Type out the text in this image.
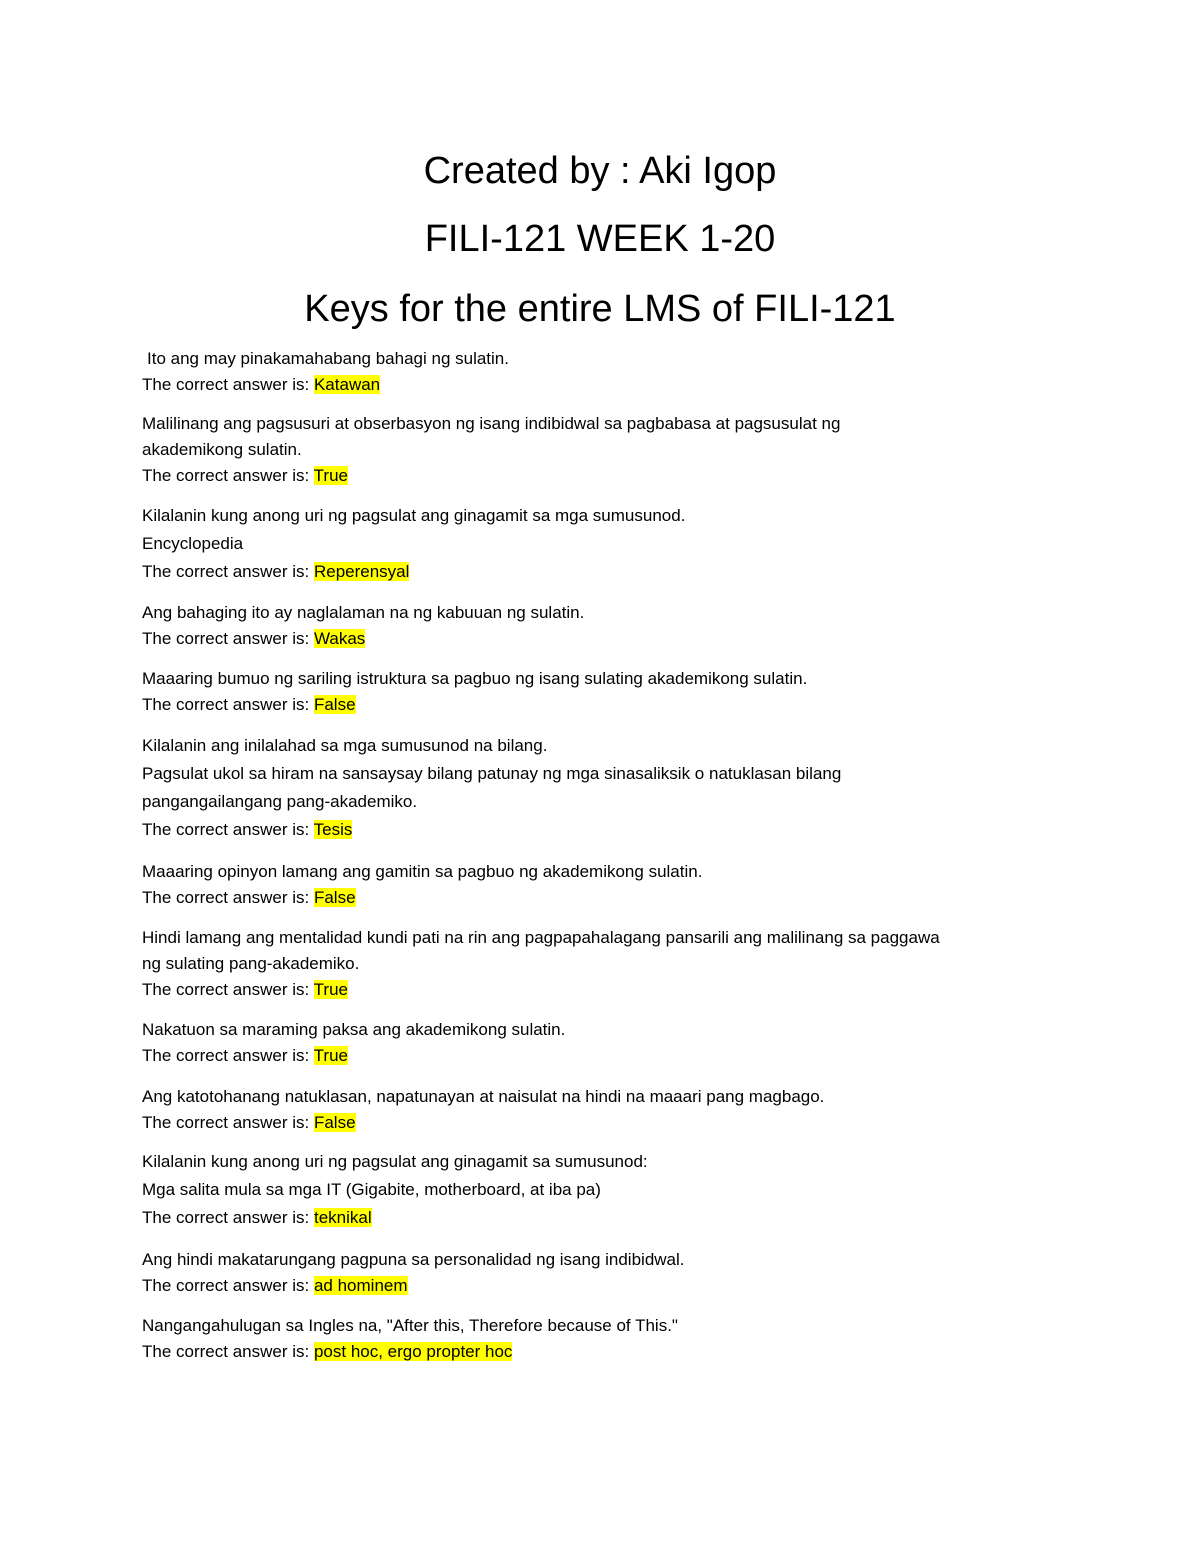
Created by : Aki Igop
FILI-121 WEEK 1-20
Keys for the entire LMS of FILI-121
Ito ang may pinakamahabang bahagi ng sulatin.
The correct answer is: Katawan
Malilinang ang pagsusuri at obserbasyon ng isang indibidwal sa pagbabasa at pagsusulat ng
akademikong sulatin.
The correct answer is: True
Kilalanin kung anong uri ng pagsulat ang ginagamit sa mga sumusunod.
Encyclopedia
The correct answer is: Reperensyal
Ang bahaging ito ay naglalaman na ng kabuuan ng sulatin.
The correct answer is: Wakas
Maaaring bumuo ng sariling istruktura sa pagbuo ng isang sulating akademikong sulatin.
The correct answer is: False
Kilalanin ang inilalahad sa mga sumusunod na bilang.
Pagsulat ukol sa hiram na sansaysay bilang patunay ng mga sinasaliksik o natuklasan bilang
pangangailangang pang-akademiko.
The correct answer is: Tesis
Maaaring opinyon lamang ang gamitin sa pagbuo ng akademikong sulatin.
The correct answer is: False
Hindi lamang ang mentalidad kundi pati na rin ang pagpapahalagang pansarili ang malilinang sa paggawa
ng sulating pang-akademiko.
The correct answer is: True
Nakatuon sa maraming paksa ang akademikong sulatin.
The correct answer is: True
Ang katotohanang natuklasan, napatunayan at naisulat na hindi na maaari pang magbago.
The correct answer is: False
Kilalanin kung anong uri ng pagsulat ang ginagamit sa sumusunod:
Mga salita mula sa mga IT (Gigabite, motherboard, at iba pa)
The correct answer is: teknikal
Ang hindi makatarungang pagpuna sa personalidad ng isang indibidwal.
The correct answer is: ad hominem
Nangangahulugan sa Ingles na, "After this, Therefore because of This."
The correct answer is: post hoc, ergo propter hoc
